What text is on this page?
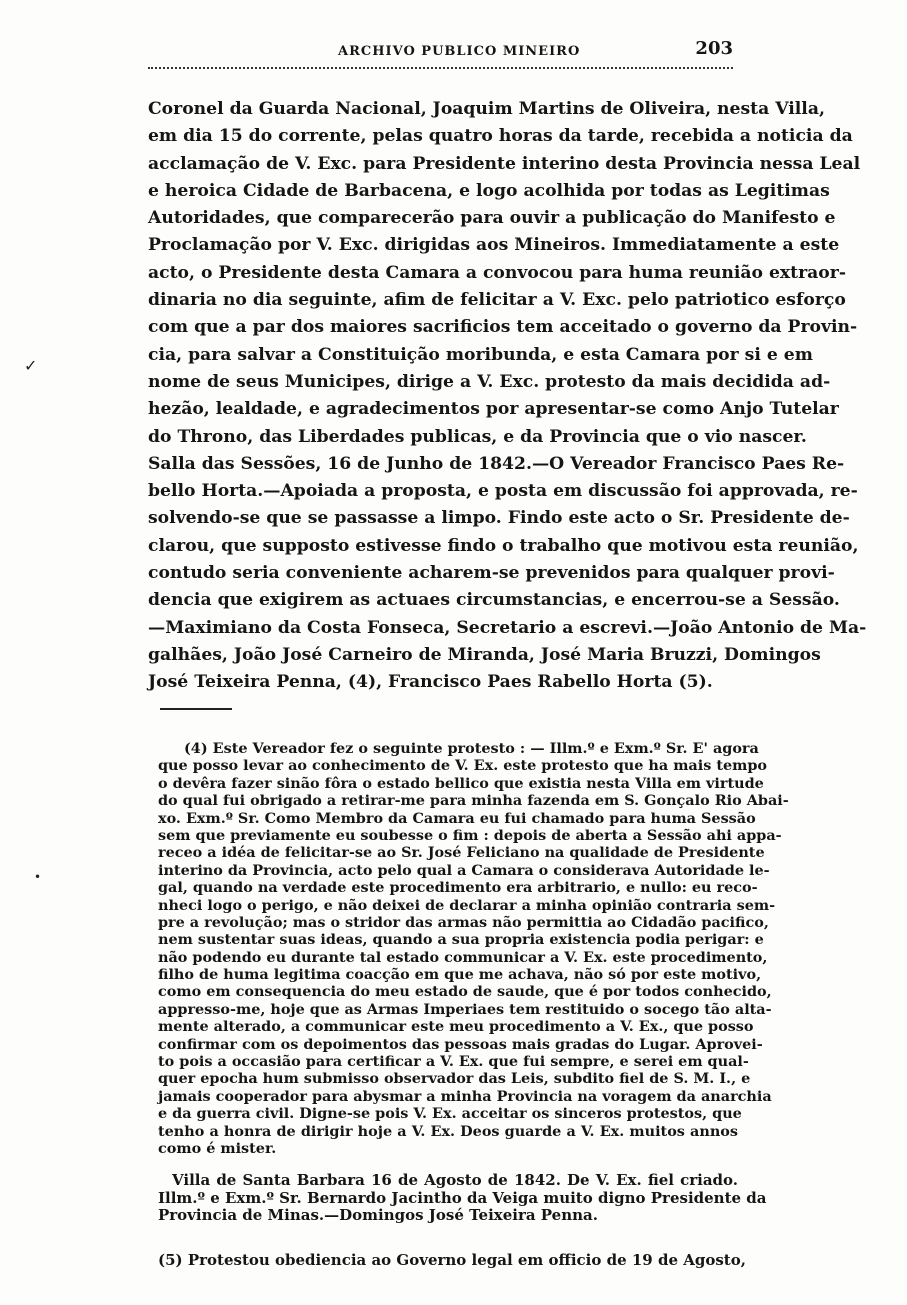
ARCHIVO PUBLICO MINEIRO	203
✓
•
Coronel da Guarda Nacional, Joaquim Martins de Oliveira, nesta Villa,
em dia 15 do corrente, pelas quatro horas da tarde, recebida a noticia da
acclamação de V. Exc. para Presidente interino desta Provincia nessa Leal
e heroica Cidade de Barbacena, e logo acolhida por todas as Legitimas
Autoridades, que comparecerão para ouvir a publicação do Manifesto e
Proclamação por V. Exc. dirigidas aos Mineiros. Immediatamente a este
acto, o Presidente desta Camara a convocou para huma reunião extraor-
dinaria no dia seguinte, afim de felicitar a V. Exc. pelo patriotico esforço
com que a par dos maiores sacrificios tem acceitado o governo da Provin-
cia, para salvar a Constituição moribunda, e esta Camara por si e em
nome de seus Municipes, dirige a V. Exc. protesto da mais decidida ad-
hezão, lealdade, e agradecimentos por apresentar-se como Anjo Tutelar
do Throno, das Liberdades publicas, e da Provincia que o vio nascer.
Salla das Sessões, 16 de Junho de 1842.—O Vereador Francisco Paes Re-
bello Horta.—Apoiada a proposta, e posta em discussão foi approvada, re-
solvendo-se que se passasse a limpo. Findo este acto o Sr. Presidente de-
clarou, que supposto estivesse findo o trabalho que motivou esta reunião,
contudo seria conveniente acharem-se prevenidos para qualquer provi-
dencia que exigirem as actuaes circumstancias, e encerrou-se a Sessão.
—Maximiano da Costa Fonseca, Secretario a escrevi.—João Antonio de Ma-
galhães, João José Carneiro de Miranda, José Maria Bruzzi, Domingos
José Teixeira Penna, (4), Francisco Paes Rabello Horta (5).
(4) Este Vereador fez o seguinte protesto : — Illm.º e Exm.º Sr. E' agora
que posso levar ao conhecimento de V. Ex. este protesto que ha mais tempo
o devêra fazer sinão fôra o estado bellico que existia nesta Villa em virtude
do qual fui obrigado a retirar-me para minha fazenda em S. Gonçalo Rio Abai-
xo. Exm.º Sr. Como Membro da Camara eu fui chamado para huma Sessão
sem que previamente eu soubesse o fim : depois de aberta a Sessão ahi appa-
receo a idéa de felicitar-se ao Sr. José Feliciano na qualidade de Presidente
interino da Provincia, acto pelo qual a Camara o considerava Autoridade le-
gal, quando na verdade este procedimento era arbitrario, e nullo: eu reco-
nheci logo o perigo, e não deixei de declarar a minha opinião contraria sem-
pre a revolução; mas o stridor das armas não permittia ao Cidadão pacifico,
nem sustentar suas ideas, quando a sua propria existencia podia perigar: e
não podendo eu durante tal estado communicar a V. Ex. este procedimento,
filho de huma legitima coacção em que me achava, não só por este motivo,
como em consequencia do meu estado de saude, que é por todos conhecido,
appresso-me, hoje que as Armas Imperiaes tem restituido o socego tão alta-
mente alterado, a communicar este meu procedimento a V. Ex., que posso
confirmar com os depoimentos das pessoas mais gradas do Lugar. Aprovei-
to pois a occasião para certificar a V. Ex. que fui sempre, e serei em qual-
quer epocha hum submisso observador das Leis, subdito fiel de S. M. I., e
jamais cooperador para abysmar a minha Provincia na voragem da anarchia
e da guerra civil. Digne-se pois V. Ex. acceitar os sinceros protestos, que
tenho a honra de dirigir hoje a V. Ex. Deos guarde a V. Ex. muitos annos
como é mister.
Villa de Santa Barbara 16 de Agosto de 1842. De V. Ex. fiel criado.
Illm.º e Exm.º Sr. Bernardo Jacintho da Veiga muito digno Presidente da
Provincia de Minas.—Domingos José Teixeira Penna.

(5) Protestou obediencia ao Governo legal em officio de 19 de Agosto,
